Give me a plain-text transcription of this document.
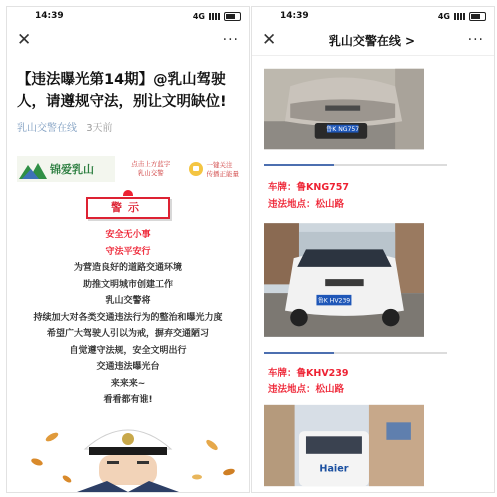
14:39	4G
✕	···
【违法曝光第14期】@乳山驾驶人，请遵规守法，别让文明缺位!
乳山交警在线 3天前
锦爱乳山	点击上方蓝字
乳山交警
一键关注
传播正能量
警示
安全无小事
守法平安行
为营造良好的道路交通环境
助推文明城市创建工作
乳山交警将
持续加大对各类交通违法行为的整治和曝光力度
希望广大驾驶人引以为戒，摒弃交通陋习
自觉遵守法规，安全文明出行
交通违法曝光台
来来来~
看看都有谁!
14:39	4G
✕	乳山交警在线 >	···
鲁K NG757
车牌：鲁KNG757
违法地点：松山路
鲁K HV239
车牌：鲁KHV239
违法地点：松山路
Haier
